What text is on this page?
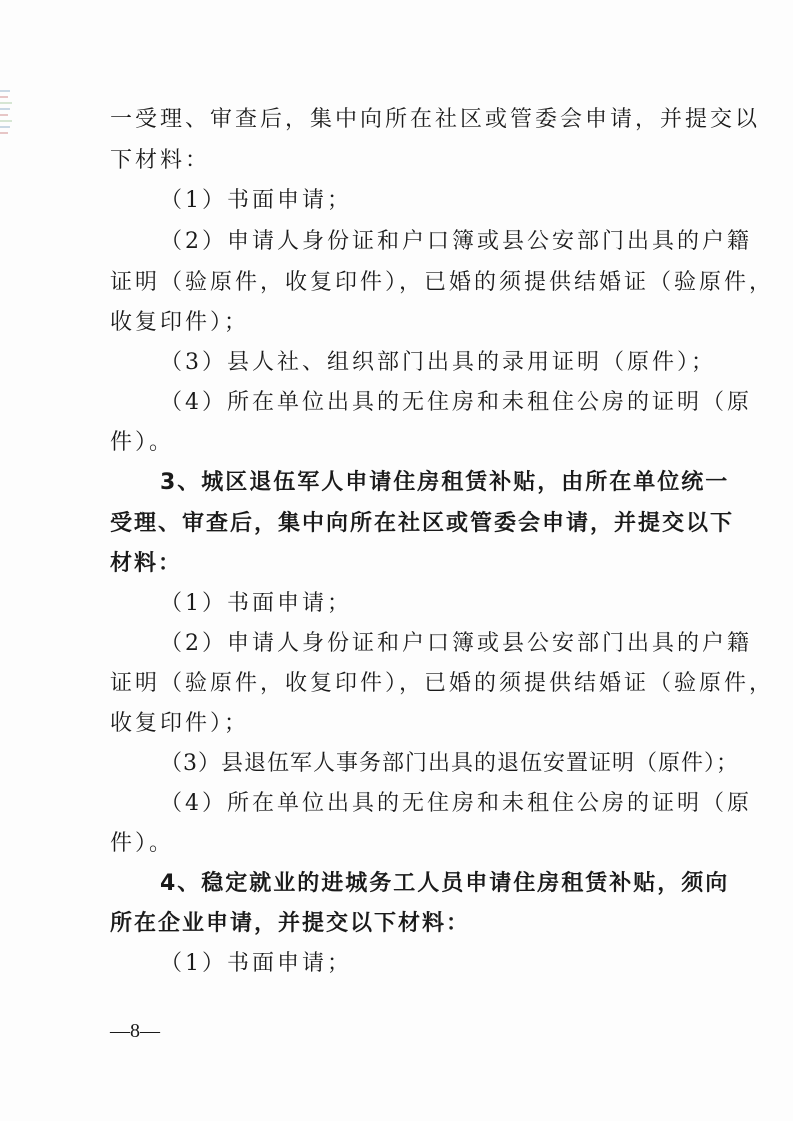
一受理、审查后，集中向所在社区或管委会申请，并提交以
下材料：
（1）书面申请；
（2）申请人身份证和户口簿或县公安部门出具的户籍
证明（验原件，收复印件），已婚的须提供结婚证（验原件，
收复印件）；
（3）县人社、组织部门出具的录用证明（原件）；
（4）所在单位出具的无住房和未租住公房的证明（原
件）。
3、城区退伍军人申请住房租赁补贴，由所在单位统一
受理、审查后，集中向所在社区或管委会申请，并提交以下
材料：
（1）书面申请；
（2）申请人身份证和户口簿或县公安部门出具的户籍
证明（验原件，收复印件），已婚的须提供结婚证（验原件，
收复印件）；
（3）县退伍军人事务部门出具的退伍安置证明（原件）；
（4）所在单位出具的无住房和未租住公房的证明（原
件）。
4、稳定就业的进城务工人员申请住房租赁补贴，须向
所在企业申请，并提交以下材料：
（1）书面申请；
—8—
